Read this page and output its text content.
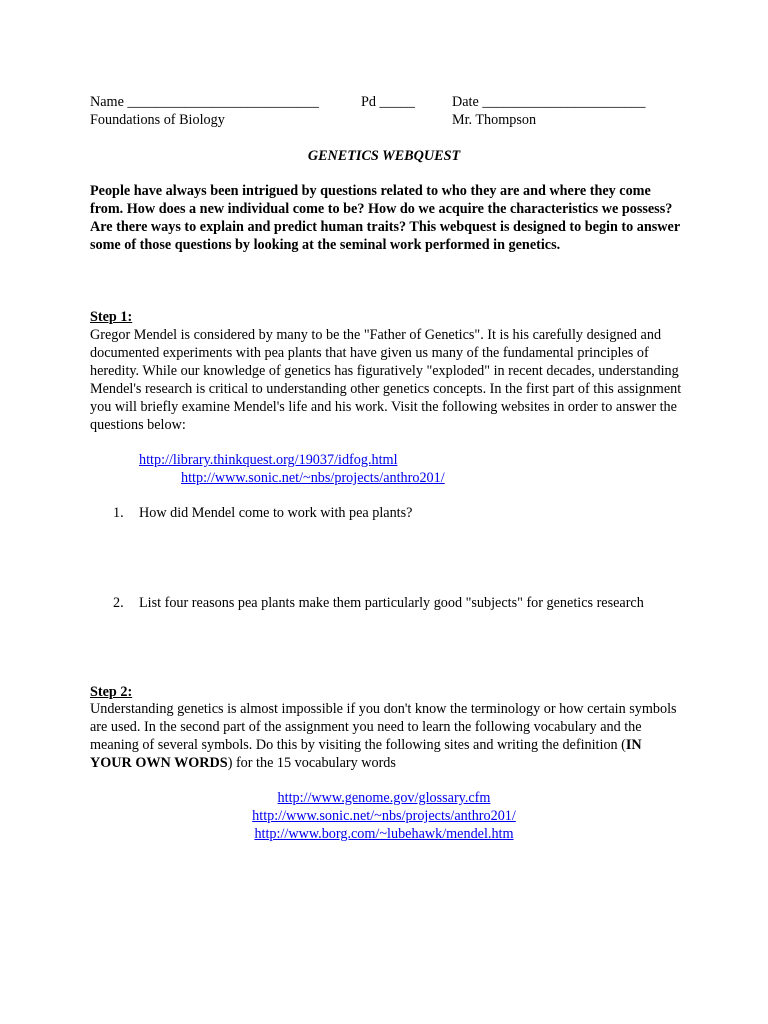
Name ___________________________	Pd _____	Date _______________________
Foundations of Biology	Mr. Thompson
GENETICS WEBQUEST
People have always been intrigued by questions related to who they are and where they come from. How does a new individual come to be? How do we acquire the characteristics we possess? Are there ways to explain and predict human traits? This webquest is designed to begin to answer some of those questions by looking at the seminal work performed in genetics.
Step 1:
Gregor Mendel is considered by many to be the "Father of Genetics". It is his carefully designed and documented experiments with pea plants that have given us many of the fundamental principles of heredity. While our knowledge of genetics has figuratively "exploded" in recent decades, understanding Mendel's research is critical to understanding other genetics concepts. In the first part of this assignment you will briefly examine Mendel's life and his work. Visit the following websites in order to answer the questions below:
http://library.thinkquest.org/19037/idfog.html
http://www.sonic.net/~nbs/projects/anthro201/
1. How did Mendel come to work with pea plants?
2. List four reasons pea plants make them particularly good "subjects" for genetics research
Step 2:
Understanding genetics is almost impossible if you don't know the terminology or how certain symbols are used. In the second part of the assignment you need to learn the following vocabulary and the meaning of several symbols. Do this by visiting the following sites and writing the definition (IN YOUR OWN WORDS) for the 15 vocabulary words
http://www.genome.gov/glossary.cfm
http://www.sonic.net/~nbs/projects/anthro201/
http://www.borg.com/~lubehawk/mendel.htm
